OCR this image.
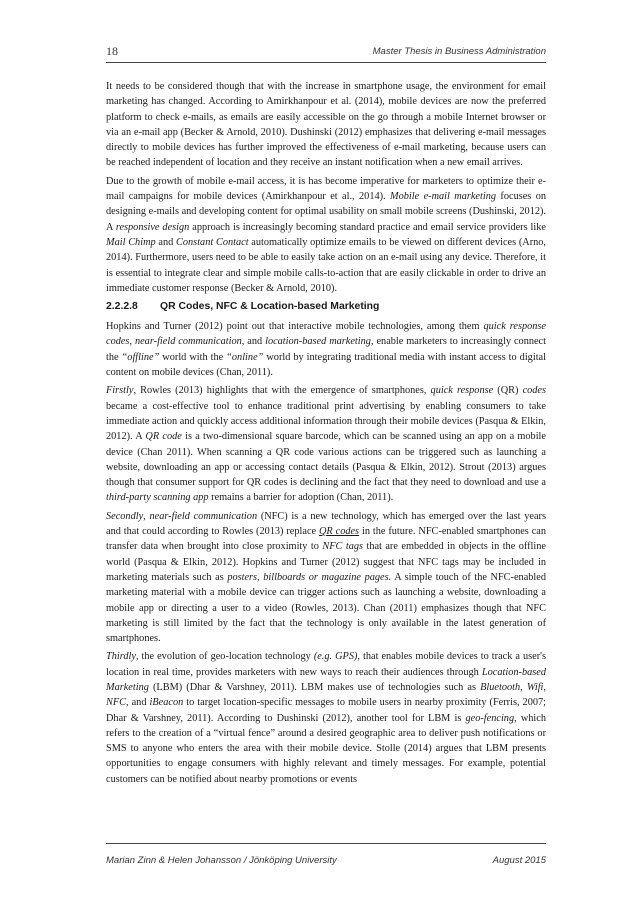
18	Master Thesis in Business Administration

It needs to be considered though that with the increase in smartphone usage, the environment for email marketing has changed. According to Amirkhanpour et al. (2014), mobile devices are now the preferred platform to check e-mails, as emails are easily accessible on the go through a mobile Internet browser or via an e-mail app (Becker & Arnold, 2010). Dushinski (2012) emphasizes that delivering e-mail messages directly to mobile devices has further improved the effectiveness of e-mail marketing, because users can be reached independent of location and they receive an instant notification when a new email arrives.

Due to the growth of mobile e-mail access, it is has become imperative for marketers to optimize their e-mail campaigns for mobile devices (Amirkhanpour et al., 2014). Mobile e-mail marketing focuses on designing e-mails and developing content for optimal usability on small mobile screens (Dushinski, 2012). A responsive design approach is increasingly becoming standard practice and email service providers like Mail Chimp and Constant Contact automatically optimize emails to be viewed on different devices (Arno, 2014). Furthermore, users need to be able to easily take action on an e-mail using any device. Therefore, it is essential to integrate clear and simple mobile calls-to-action that are easily clickable in order to drive an immediate customer response (Becker & Arnold, 2010).

2.2.2.8 QR Codes, NFC & Location-based Marketing

Hopkins and Turner (2012) point out that interactive mobile technologies, among them quick response codes, near-field communication, and location-based marketing, enable marketers to increasingly connect the “offline” world with the “online” world by integrating traditional media with instant access to digital content on mobile devices (Chan, 2011).

Firstly, Rowles (2013) highlights that with the emergence of smartphones, quick response (QR) codes became a cost-effective tool to enhance traditional print advertising by enabling consumers to take immediate action and quickly access additional information through their mobile devices (Pasqua & Elkin, 2012). A QR code is a two-dimensional square barcode, which can be scanned using an app on a mobile device (Chan 2011). When scanning a QR code various actions can be triggered such as launching a website, downloading an app or accessing contact details (Pasqua & Elkin, 2012). Strout (2013) argues though that consumer support for QR codes is declining and the fact that they need to download and use a third-party scanning app remains a barrier for adoption (Chan, 2011).

Secondly, near-field communication (NFC) is a new technology, which has emerged over the last years and that could according to Rowles (2013) replace QR codes in the future. NFC-enabled smartphones can transfer data when brought into close proximity to NFC tags that are embedded in objects in the offline world (Pasqua & Elkin, 2012). Hopkins and Turner (2012) suggest that NFC tags may be included in marketing materials such as posters, billboards or magazine pages. A simple touch of the NFC-enabled marketing material with a mobile device can trigger actions such as launching a website, downloading a mobile app or directing a user to a video (Rowles, 2013). Chan (2011) emphasizes though that NFC marketing is still limited by the fact that the technology is only available in the latest generation of smartphones.

Thirdly, the evolution of geo-location technology (e.g. GPS), that enables mobile devices to track a user's location in real time, provides marketers with new ways to reach their audiences through Location-based Marketing (LBM) (Dhar & Varshney, 2011). LBM makes use of technologies such as Bluetooth, Wifi, NFC, and iBeacon to target location-specific messages to mobile users in nearby proximity (Ferris, 2007; Dhar & Varshney, 2011). According to Dushinski (2012), another tool for LBM is geo-fencing, which refers to the creation of a “virtual fence” around a desired geographic area to deliver push notifications or SMS to anyone who enters the area with their mobile device. Stolle (2014) argues that LBM presents opportunities to engage consumers with highly relevant and timely messages. For example, potential customers can be notified about nearby promotions or events

Marian Zinn & Helen Johansson / Jönköping University	August 2015
